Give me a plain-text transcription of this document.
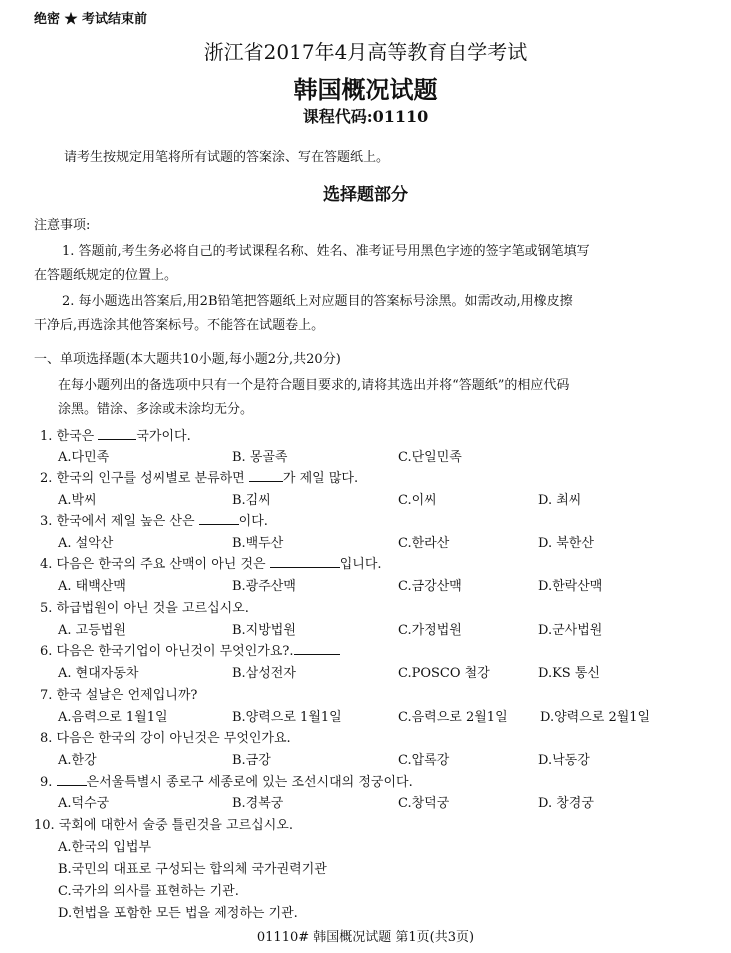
绝密 ★ 考试结束前
浙江省2017年4月高等教育自学考试
韩国概况试题
课程代码:01110
请考生按规定用笔将所有试题的答案涂、写在答题纸上。
选择题部分
注意事项:
1. 答题前,考生务必将自己的考试课程名称、姓名、准考证号用黑色字迹的签字笔或钢笔填写
在答题纸规定的位置上。
2. 每小题选出答案后,用2B铅笔把答题纸上对应题目的答案标号涂黑。如需改动,用橡皮擦
干净后,再选涂其他答案标号。不能答在试题卷上。
一、单项选择题(本大题共10小题,每小题2分,共20分)
在每小题列出的备选项中只有一个是符合题目要求的,请将其选出并将“答题纸”的相应代码
涂黑。错涂、多涂或未涂均无分。
1. 한국은	국가이다.
A.다민족	B. 몽골족	C.단일민족
2. 한국의 인구를 성씨별로 분류하면	가 제일 많다.
A.박씨	B.김씨	C.이씨	D. 최씨
3. 한국에서 제일 높은 산은	이다.
A. 설악산	B.백두산	C.한라산	D. 북한산
4. 다음은 한국의 주요 산맥이 아닌 것은	입니다.
A. 태백산맥	B.광주산맥	C.금강산맥	D.한락산맥
5. 하급법원이 아닌 것을 고르십시오.
A. 고등법원	B.지방법원	C.가정법원	D.군사법원
6. 다음은 한국기업이 아닌것이 무엇인가요?.
A. 현대자동차	B.삼성전자	C.POSCO 철강	D.KS 통신
7. 한국 설날은 언제입니까?
A.음력으로 1월1일	B.양력으로 1월1일	C.음력으로 2월1일 D.양력으로 2월1일
8. 다음은 한국의 강이 아닌것은 무엇인가요.
A.한강	B.금강	C.압록강	D.낙동강
9. 은서울특별시 종로구 세종로에 있는 조선시대의 정궁이다.
A.덕수궁	B.경복궁	C.창덕궁	D. 창경궁
10. 국회에 대한서 술중 틀린것을 고르십시오.
A.한국의 입법부
B.국민의 대표로 구성되는 합의체 국가권력기관
C.국가의 의사를 표현하는 기관.
D.헌법을 포함한 모든 법을 제정하는 기관.
01110# 韩国概况试题 第1页(共3页)
